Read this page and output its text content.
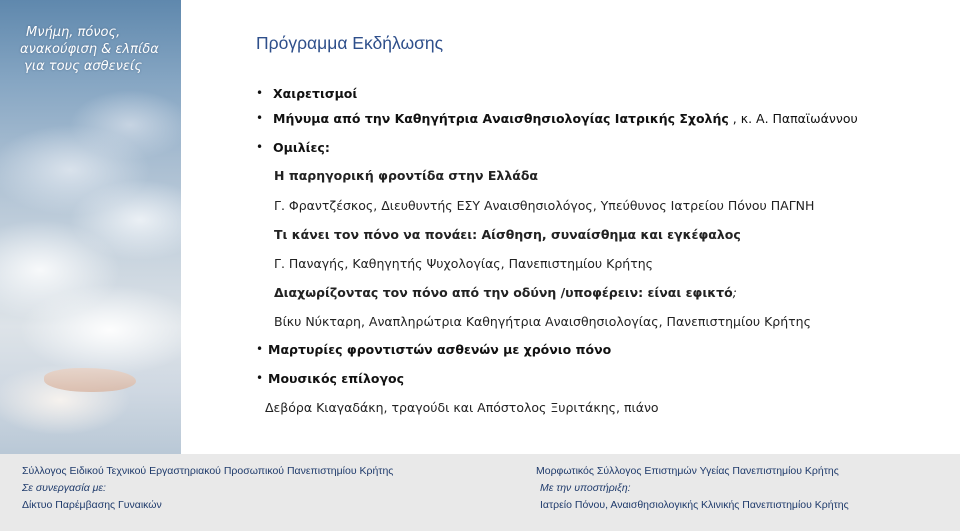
Μνήμη, πόνος,
ανακούφιση & ελπίδα
για τους ασθενείς
Πρόγραμμα Εκδήλωσης
• Χαιρετισμοί
• Μήνυμα από την Καθηγήτρια Αναισθησιολογίας Ιατρικής Σχολής , κ. Α. Παπαϊωάννου
• Ομιλίες:
Η παρηγορική φροντίδα στην Ελλάδα
Γ. Φραντζέσκος, Διευθυντής ΕΣΥ Αναισθησιολόγος, Υπεύθυνος Ιατρείου Πόνου ΠΑΓΝΗ
Τι κάνει τον πόνο να πονάει: Αίσθηση, συναίσθημα και εγκέφαλος
Γ. Παναγής, Καθηγητής Ψυχολογίας, Πανεπιστημίου Κρήτης
Διαχωρίζοντας τον πόνο από την οδύνη /υποφέρειν: είναι εφικτό;
Βίκυ Νύκταρη, Αναπληρώτρια Καθηγήτρια Αναισθησιολογίας, Πανεπιστημίου Κρήτης
• Μαρτυρίες φροντιστών ασθενών με χρόνιο πόνο
• Μουσικός επίλογος
Δεβόρα Κιαγαδάκη, τραγούδι και Απόστολος Ξυριτάκης, πιάνο
Σύλλογος Ειδικού Τεχνικού Εργαστηριακού Προσωπικού Πανεπιστημίου Κρήτης
Σε συνεργασία με:
Δίκτυο Παρέμβασης Γυναικών
Μορφωτικός Σύλλογος Επιστημών Υγείας Πανεπιστημίου Κρήτης
Με την υποστήριξη:
Ιατρείο Πόνου, Αναισθησιολογικής Κλινικής Πανεπιστημίου Κρήτης
